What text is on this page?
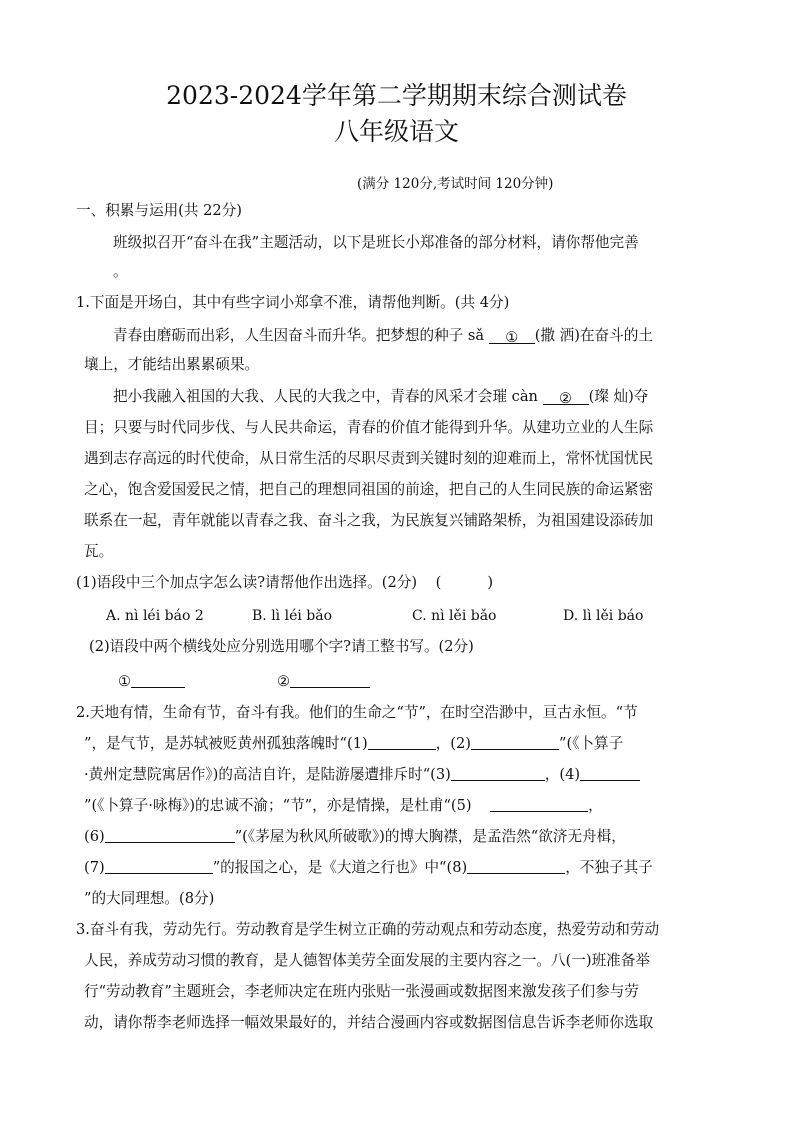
2023-2024学年第二学期期末综合测试卷
八年级语文
(满分 120分,考试时间 120分钟)
一、积累与运用(共 22分)
班级拟召开“奋斗在我”主题活动，以下是班长小郑准备的部分材料，请你帮他完善
。
1.下面是开场白，其中有些字词小郑拿不准，请帮他判断。(共 4分)
青春由磨砺而出彩，人生因奋斗而升华。把梦想的种子 sǎ ① (撒 洒)在奋斗的土
壤上，才能结出累累硕果。
把小我融入祖国的大我、人民的大我之中，青春的风采才会璀 càn ② (璨 灿)夺
目；只要与时代同步伐、与人民共命运，青春的价值才能得到升华。从建功立业的人生际
遇到志存高远的时代使命，从日常生活的尽职尽责到关键时刻的迎难而上，常怀忧国忧民
之心，饱含爱国爱民之情，把自己的理想同祖国的前途，把自己的人生同民族的命运紧密
联系在一起，青年就能以青春之我、奋斗之我，为民族复兴铺路架桥，为祖国建设添砖加
瓦。
(1)语段中三个加点字怎么读?请帮他作出选择。(2分) (	)
A. nì léi báo 2	B. lì léi bǎo	C. nì lěi bǎo	D. lì lěi báo
(2)语段中两个横线处应分别选用哪个字?请工整书写。(2分)
①	②
2.天地有情，生命有节，奋斗有我。他们的生命之“节”，在时空浩渺中，亘古永恒。“节
”，是气节，是苏轼被贬黄州孤独落魄时“(1)	，(2)	”(《卜算子
·黄州定慧院寓居作》)的高洁自许，是陆游屡遭排斥时“(3)	，(4)
”(《卜算子·咏梅》)的忠诚不渝；“节”，亦是情操，是杜甫“(5)	，
(6)	”(《茅屋为秋风所破歌》)的博大胸襟，是孟浩然“欲济无舟楫，
(7)	”的报国之心，是《大道之行也》中“(8)	，不独子其子
”的大同理想。(8分)
3.奋斗有我，劳动先行。劳动教育是学生树立正确的劳动观点和劳动态度，热爱劳动和劳动
人民，养成劳动习惯的教育，是人德智体美劳全面发展的主要内容之一。八(一)班准备举
行“劳动教育”主题班会，李老师决定在班内张贴一张漫画或数据图来激发孩子们参与劳
动，请你帮李老师选择一幅效果最好的，并结合漫画内容或数据图信息告诉李老师你选取
